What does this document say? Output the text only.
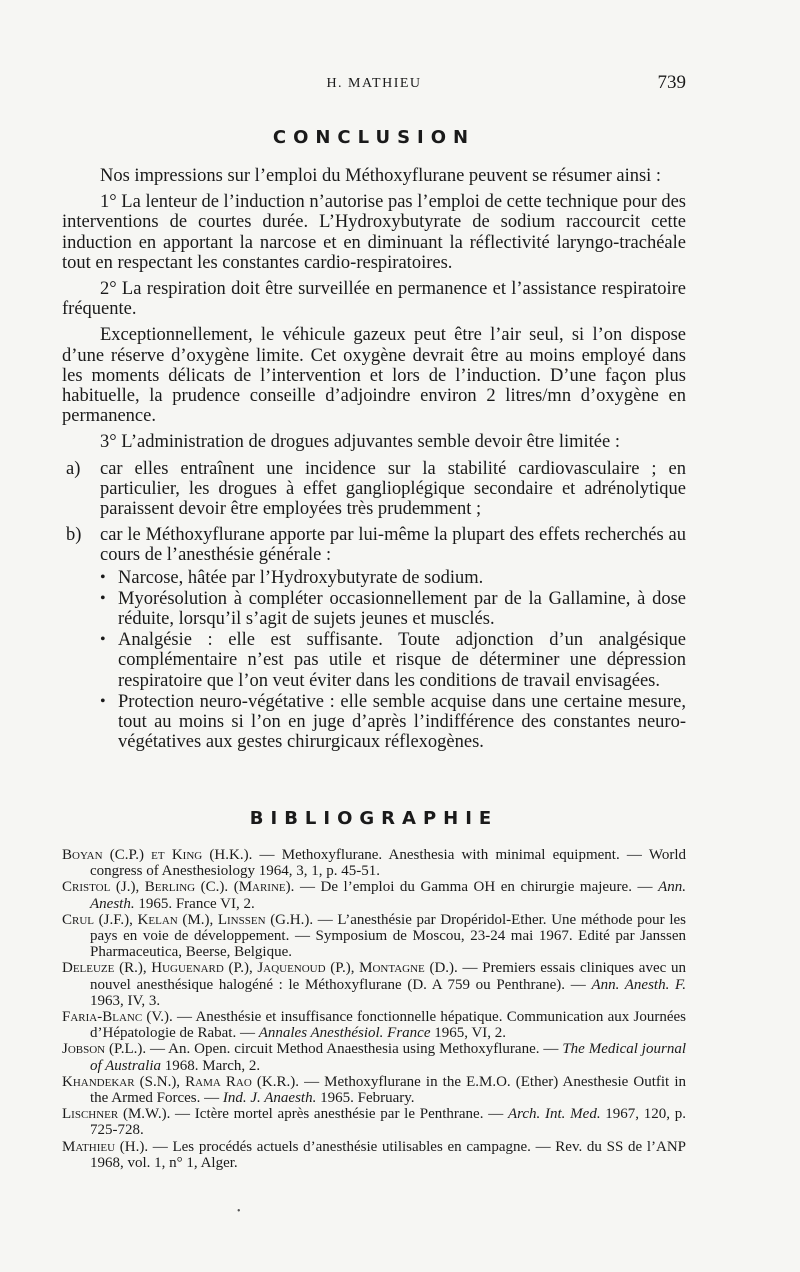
H. MATHIEU	739
CONCLUSION

Nos impressions sur l’emploi du Méthoxyflurane peuvent se résumer ainsi :

1° La lenteur de l’induction n’autorise pas l’emploi de cette technique pour des interventions de courtes durée. L’Hydroxybutyrate de sodium raccourcit cette induction en apportant la narcose et en diminuant la réflectivité laryngo-trachéale tout en respectant les constantes cardio-respiratoires.

2° La respiration doit être surveillée en permanence et l’assistance respiratoire fréquente.

Exceptionnellement, le véhicule gazeux peut être l’air seul, si l’on dispose d’une réserve d’oxygène limite. Cet oxygène devrait être au moins employé dans les moments délicats de l’intervention et lors de l’induction. D’une façon plus habituelle, la prudence conseille d’adjoindre environ 2 litres/mn d’oxygène en permanence.

3° L’administration de drogues adjuvantes semble devoir être limitée :

a)	car elles entraînent une incidence sur la stabilité cardiovasculaire ; en particulier, les drogues à effet ganglioplégique secondaire et adrénolytique paraissent devoir être employées très prudemment ;
b)	car le Méthoxyflurane apporte par lui-même la plupart des effets recherchés au cours de l’anesthésie générale :
• Narcose, hâtée par l’Hydroxybutyrate de sodium.
• Myorésolution à compléter occasionnellement par de la Gallamine, à dose réduite, lorsqu’il s’agit de sujets jeunes et musclés.
• Analgésie : elle est suffisante. Toute adjonction d’un analgésique complémentaire n’est pas utile et risque de déterminer une dépression respiratoire que l’on veut éviter dans les conditions de travail envisagées.
• Protection neuro-végétative : elle semble acquise dans une certaine mesure, tout au moins si l’on en juge d’après l’indifférence des constantes neuro-végétatives aux gestes chirurgicaux réflexogènes.
BIBLIOGRAPHIE
Boyan (C.P.) et King (H.K.). — Methoxyflurane. Anesthesia with minimal equipment. — World congress of Anesthesiology 1964, 3, 1, p. 45-51.
Cristol (J.), Berling (C.). (Marine). — De l’emploi du Gamma OH en chirurgie majeure. — Ann. Anesth. 1965. France VI, 2.
Crul (J.F.), Kelan (M.), Linssen (G.H.). — L’anesthésie par Dropéridol-Ether. Une méthode pour les pays en voie de développement. — Symposium de Moscou, 23-24 mai 1967. Edité par Janssen Pharmaceutica, Beerse, Belgique.
Deleuze (R.), Huguenard (P.), Jaquenoud (P.), Montagne (D.). — Premiers essais cliniques avec un nouvel anesthésique halogéné : le Méthoxyflurane (D. A 759 ou Penthrane). — Ann. Anesth. F. 1963, IV, 3.
Faria-Blanc (V.). — Anesthésie et insuffisance fonctionnelle hépatique. Communication aux Journées d’Hépatologie de Rabat. — Annales Anesthésiol. France 1965, VI, 2.
Jobson (P.L.). — An. Open. circuit Method Anaesthesia using Methoxyflurane. — The Medical journal of Australia 1968. March, 2.
Khandekar (S.N.), Rama Rao (K.R.). — Methoxyflurane in the E.M.O. (Ether) Anesthesie Outfit in the Armed Forces. — Ind. J. Anaesth. 1965. February.
Lischner (M.W.). — Ictère mortel après anesthésie par le Penthrane. — Arch. Int. Med. 1967, 120, p. 725-728.
Mathieu (H.). — Les procédés actuels d’anesthésie utilisables en campagne. — Rev. du SS de l’ANP 1968, vol. 1, n° 1, Alger.
•
